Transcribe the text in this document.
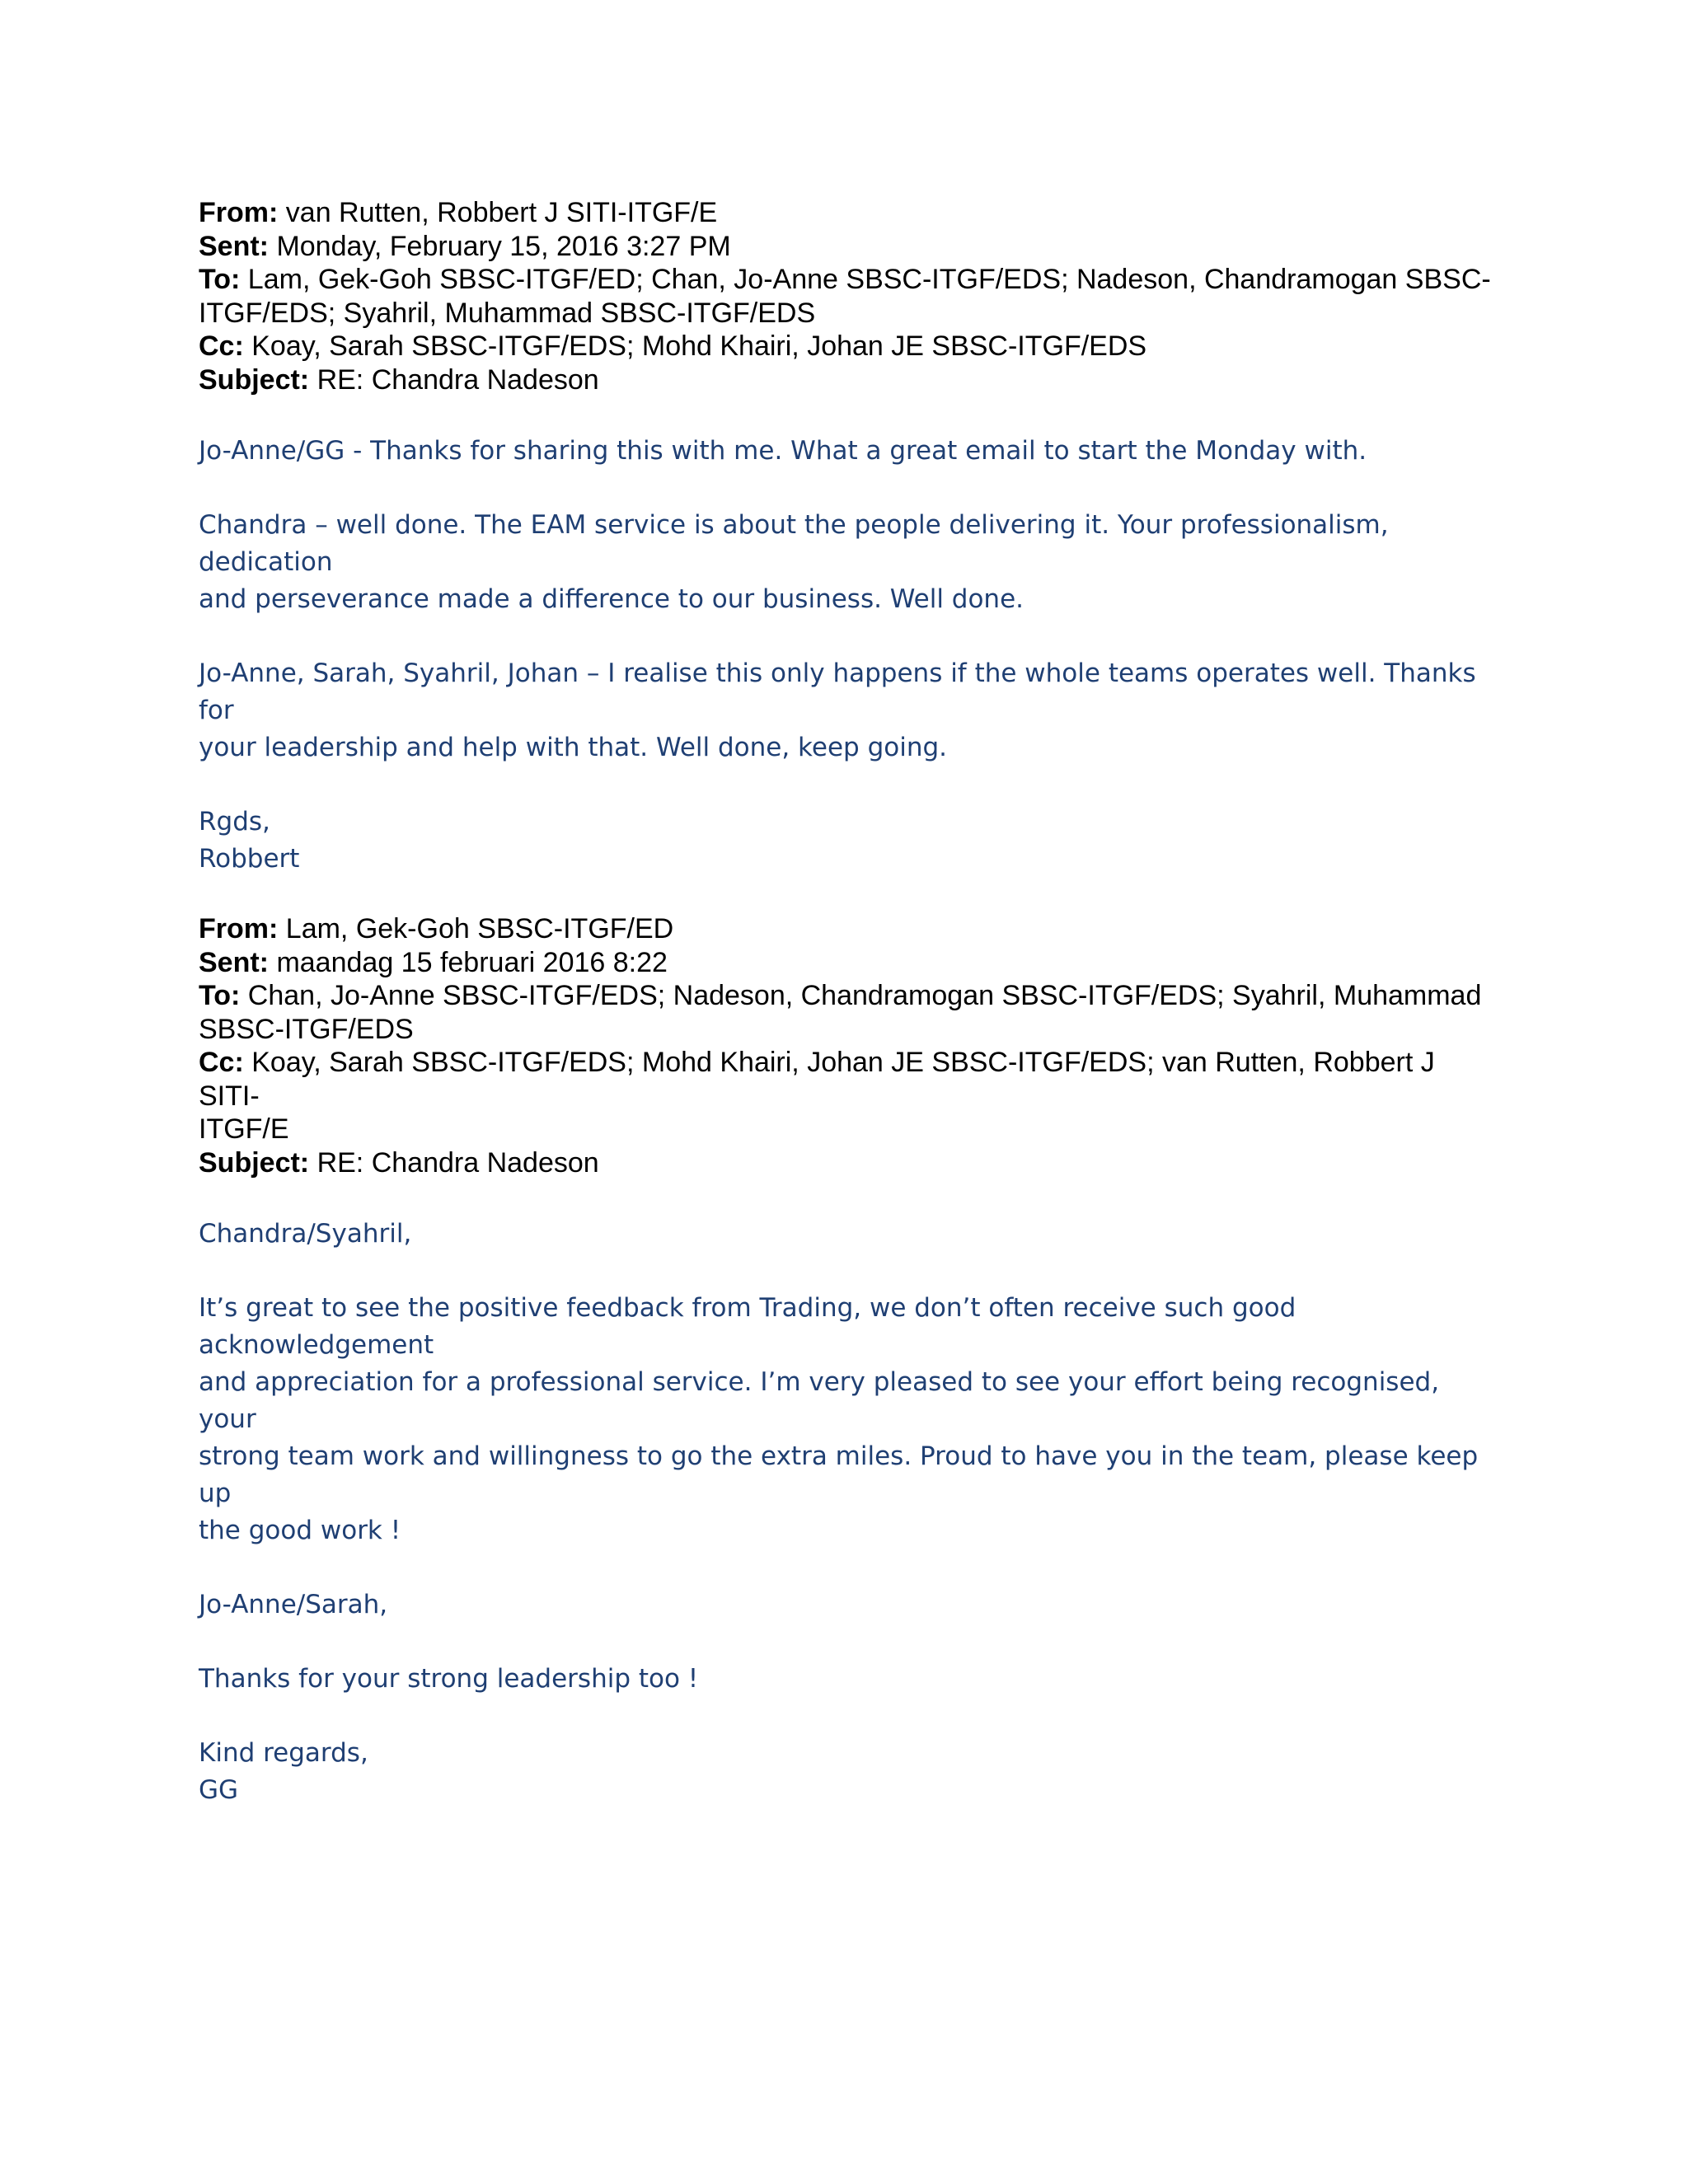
From: van Rutten, Robbert J SITI-ITGF/E
Sent: Monday, February 15, 2016 3:27 PM
To: Lam, Gek-Goh SBSC-ITGF/ED; Chan, Jo-Anne SBSC-ITGF/EDS; Nadeson, Chandramogan SBSC-
ITGF/EDS; Syahril, Muhammad SBSC-ITGF/EDS
Cc: Koay, Sarah SBSC-ITGF/EDS; Mohd Khairi, Johan JE SBSC-ITGF/EDS
Subject: RE: Chandra Nadeson

Jo-Anne/GG - Thanks for sharing this with me. What a great email to start the Monday with.

Chandra – well done. The EAM service is about the people delivering it. Your professionalism, dedication

and perseverance made a difference to our business. Well done.

Jo-Anne, Sarah, Syahril, Johan – I realise this only happens if the whole teams operates well. Thanks for

your leadership and help with that. Well done, keep going.

Rgds,

Robbert

From: Lam, Gek-Goh SBSC-ITGF/ED
Sent: maandag 15 februari 2016 8:22
To: Chan, Jo-Anne SBSC-ITGF/EDS; Nadeson, Chandramogan SBSC-ITGF/EDS; Syahril, Muhammad
SBSC-ITGF/EDS
Cc: Koay, Sarah SBSC-ITGF/EDS; Mohd Khairi, Johan JE SBSC-ITGF/EDS; van Rutten, Robbert J SITI-
ITGF/E
Subject: RE: Chandra Nadeson

Chandra/Syahril,

It’s great to see the positive feedback from Trading, we don’t often receive such good acknowledgement

and appreciation for a professional service. I’m very pleased to see your effort being recognised, your

strong team work and willingness to go the extra miles. Proud to have you in the team, please keep up

the good work !

Jo-Anne/Sarah,

Thanks for your strong leadership too !

Kind regards,

GG
